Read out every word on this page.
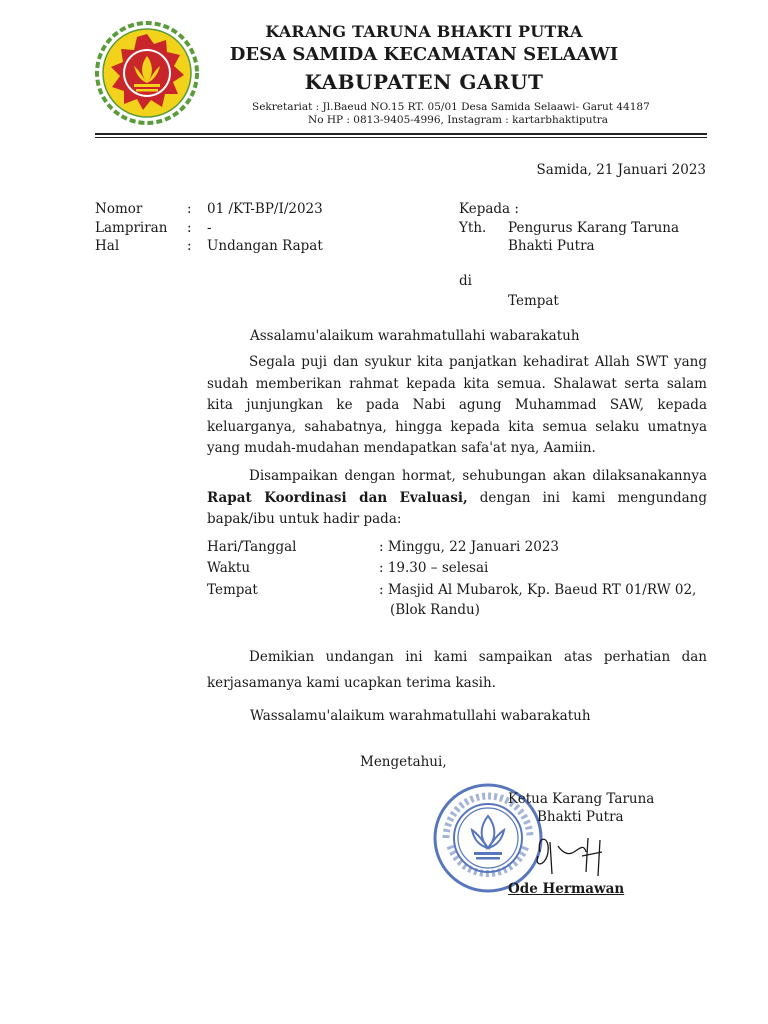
KARANG TARUNA BHAKTI PUTRA
DESA SAMIDA KECAMATAN SELAAWI
KABUPATEN GARUT
Sekretariat : Jl.Baeud NO.15 RT. 05/01 Desa Samida Selaawi- Garut 44187
No HP : 0813-9405-4996, Instagram : kartarbhaktiputra
Samida, 21 Januari 2023
Nomor	: 01 /KT-BP/I/2023
Lampriran : -
Hal	: Undangan Rapat
Kepada :
Yth. Pengurus Karang Taruna
Bhakti Putra
di
Tempat
Assalamu'alaikum warahmatullahi wabarakatuh
Segala puji dan syukur kita panjatkan kehadirat Allah SWT yang sudah memberikan rahmat kepada kita semua. Shalawat serta salam kita junjungkan ke pada Nabi agung Muhammad SAW, kepada keluarganya, sahabatnya, hingga kepada kita semua selaku umatnya yang mudah-mudahan mendapatkan safa'at nya, Aamiin.
Disampaikan dengan hormat, sehubungan akan dilaksanakannya Rapat Koordinasi dan Evaluasi, dengan ini kami mengundang bapak/ibu untuk hadir pada:
Hari/Tanggal	: Minggu, 22 Januari 2023
Waktu	: 19.30 – selesai
Tempat	: Masjid Al Mubarok, Kp. Baeud RT 01/RW 02,
(Blok Randu)
Demikian undangan ini kami sampaikan atas perhatian dan kerjasamanya kami ucapkan terima kasih.
Wassalamu'alaikum warahmatullahi wabarakatuh
Mengetahui,
Ketua Karang Taruna
Bhakti Putra
Ode Hermawan
